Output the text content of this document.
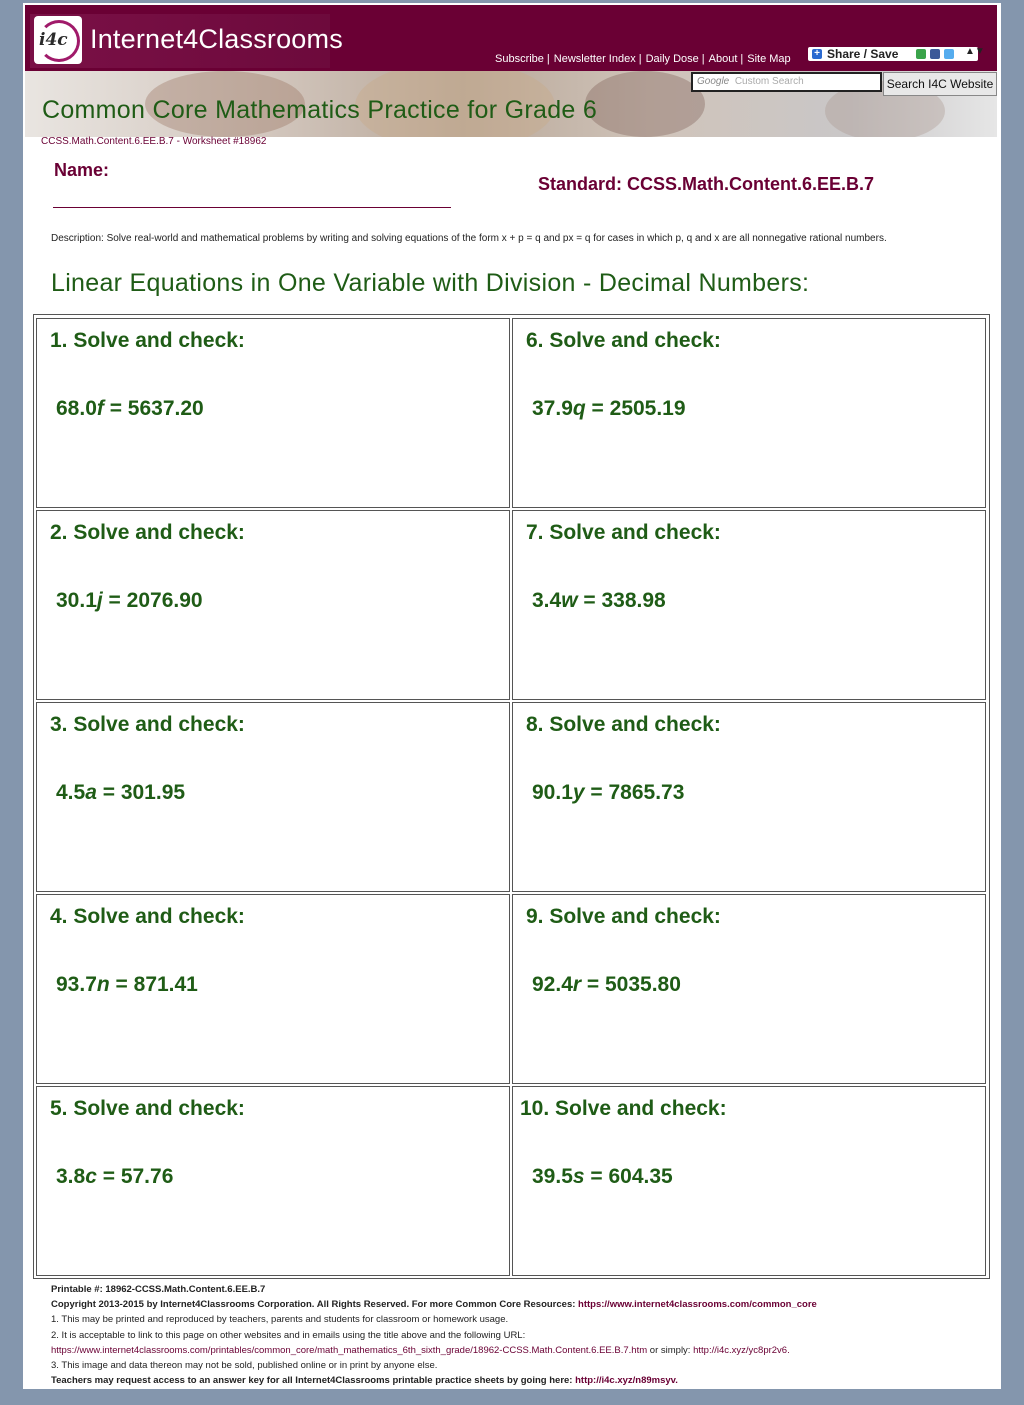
i4c Internet4Classrooms
Subscribe | Newsletter Index | Daily Dose | About | Site Map + Share / Save	▲▼
Common Core Mathematics Practice for Grade 6
Google Custom Search	Search I4C Website
CCSS.Math.Content.6.EE.B.7 - Worksheet #18962
Name:
Standard: CCSS.Math.Content.6.EE.B.7
Description: Solve real-world and mathematical problems by writing and solving equations of the form x + p = q and px = q for cases in which p, q and x are all nonnegative rational numbers.
Linear Equations in One Variable with Division - Decimal Numbers:
1. Solve and check:
68.0f = 5637.20
2. Solve and check:
30.1j = 2076.90
3. Solve and check:
4.5a = 301.95
4. Solve and check:
93.7n = 871.41
5. Solve and check:
3.8c = 57.76
6. Solve and check:
37.9q = 2505.19
7. Solve and check:
3.4w = 338.98
8. Solve and check:
90.1y = 7865.73
9. Solve and check:
92.4r = 5035.80
10. Solve and check:
39.5s = 604.35
Printable #: 18962-CCSS.Math.Content.6.EE.B.7
Copyright 2013-2015 by Internet4Classrooms Corporation. All Rights Reserved. For more Common Core Resources: https://www.internet4classrooms.com/common_core
1. This may be printed and reproduced by teachers, parents and students for classroom or homework usage.
2. It is acceptable to link to this page on other websites and in emails using the title above and the following URL:
https://www.internet4classrooms.com/printables/common_core/math_mathematics_6th_sixth_grade/18962-CCSS.Math.Content.6.EE.B.7.htm or simply: http://i4c.xyz/yc8pr2v6.
3. This image and data thereon may not be sold, published online or in print by anyone else.
Teachers may request access to an answer key for all Internet4Classrooms printable practice sheets by going here: http://i4c.xyz/n89msyv.
